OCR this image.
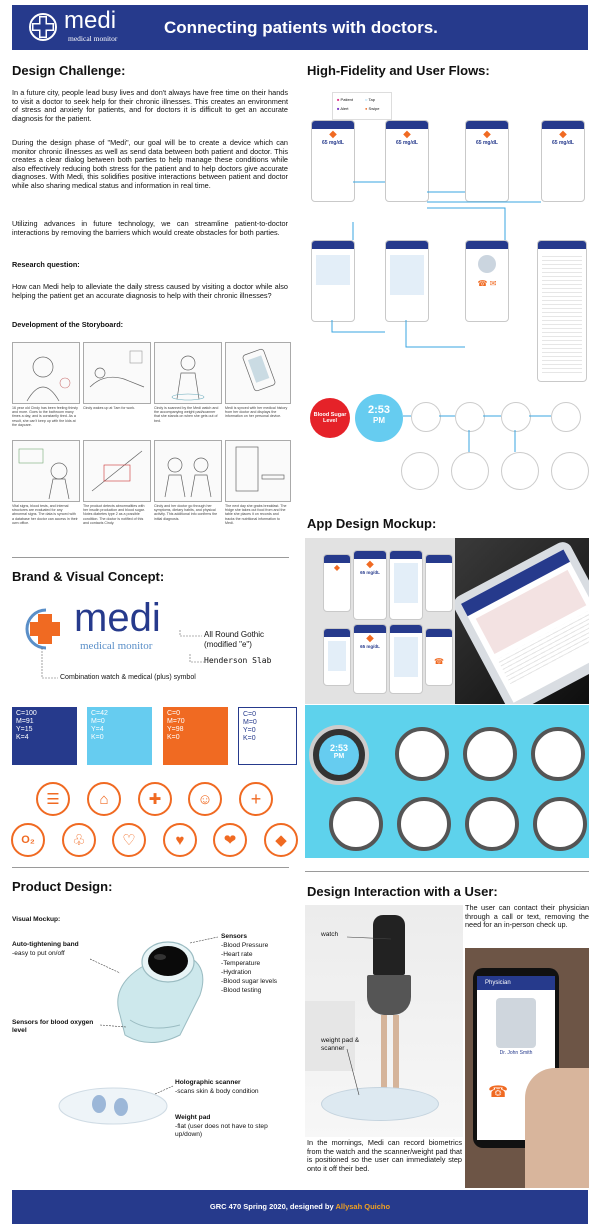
medi
medical monitor
Connecting patients with doctors.
Design Challenge:
In a future city, people lead busy lives and don't always have free time on their hands to visit a doctor to seek help for their chronic illnesses. This creates an environment of stress and anxiety for patients, and for doctors it is difficult to get an accurate diagnosis for the patient.
During the design phase of "Medi", our goal will be to create a device which can monitor chronic illnesses as well as send data between both patient and doctor. This creates a clear dialog between both parties to help manage these conditions while also effectively reducing both stress for the patient and to help doctors give accurate diagnoses. With Medi, this solidifies positive interactions between patient and doctor while also sharing medical status and information in real time.
Utilizing advances in future technology, we can streamline patient-to-doctor interactions by removing the barriers which would create obstacles for both parties.
Research question:
How can Medi help to alleviate the daily stress caused by visiting a doctor while also helping the patient get an accurate diagnosis to help with their chronic illnesses?
Development of the Storyboard:
16 year old Cindy has been feeling thirsty and more. Goes to the bathroom many times a day, and is constantly tired. As a result, she can't keep up with the kids at the daycare.
Cindy wakes up at 7am for work.	Cindy is scanned by the Medi watch and the accompanying weight pad/scanner that she stands on when she gets out of bed.
Medi is synced with her medical history from her doctor and displays the information on her personal device.
Vital signs, blood tests, and internal structures are evaluated for any abnormal signs. The data is synced with a database her doctor can access in their own office.
The product detects abnormalities with her insulin production and blood sugar. Notes diabetes type 2 as a possible condition. The doctor is notified of this and contacts Cindy.
Cindy and her doctor go through her symptoms, dietary habits, and physical activity. This additional info confirms the initial diagnosis.
The next day she grabs breakfast. The fridge she takes out food from and the table she places it on records and tracks the nutritional information to Medi.
Brand & Visual Concept:
medi
medical monitor
All Round Gothic
(modified "e")
Henderson Slab
Combination watch & medical (plus) symbol
C=100
M=91
Y=15
K=4
C=42
M=0
Y=4
K=0
C=0
M=70
Y=98
K=0
C=0
M=0
Y=0
K=0
☰	⌂	✚	☺	+
O₂	♧	♡	♥	◆
❤
Product Design:
Visual Mockup:
Auto-tightening band
-easy to put on/off
Sensors for blood oxygen level
Sensors
-Blood Pressure
-Heart rate
-Temperature
-Hydration
-Blood sugar levels
-Blood testing
Holographic scanner
-scans skin & body condition
Weight pad
-flat (user does not have to step up/down)
High-Fidelity and User Flows:
■ Patient	○ Tap
■ Alert	● Swipe
◆
65 mg/dL
◆
65 mg/dL
◆
65 mg/dL
◆
65 mg/dL
☎ ✉
Blood Sugar Level
2:53
PM
App Design Mockup:
◆	◆
65 mg/dL
◆
65 mg/dL
☎
2:53
PM
Design Interaction with a User:
watch
weight pad & scanner
The user can contact their physician through a call or text, removing the need for an in-person check up.
Physician
Dr. John Smith
☎
In the mornings, Medi can record biometrics from the watch and the scanner/weight pad that is positioned so the user can immediately step onto it off their bed.
GRC 470 Spring 2020, designed by Allysah Quicho
